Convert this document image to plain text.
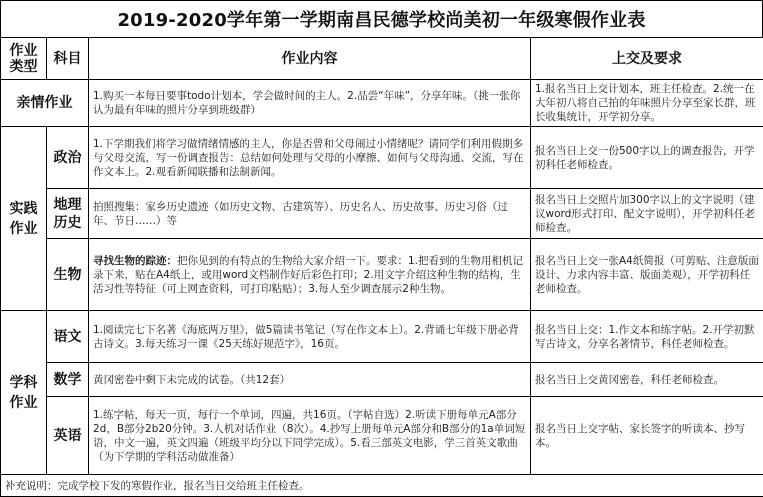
2019-2020学年第一学期南昌民德学校尚美初一年级寒假作业表
作业类型	科目	作业内容	上交及要求
亲情作业		1.购买一本每日要事todo计划本，学会做时间的主人。2.品尝“年味”，分享年味。（挑一张你认为最有年味的照片分享到班级群）	1.报名当日上交计划本，班主任检查。2.统一在大年初八将自己拍的年味照片分享至家长群，班长收集统计，开学初分享。
实践作业	政治	1.下学期我们将学习做情绪情感的主人，你是否曾和父母闹过小情绪呢？请同学们利用假期多与父母交流，写一份调查报告：总结如何处理与父母的小摩擦、如何与父母沟通、交流，写在作文本上。2.观看新闻联播和法制新闻。	报名当日上交一份500字以上的调查报告，开学初科任老师检查。
	地理历史	拍照搜集：家乡历史遗迹（如历史文物、古建筑等）、历史名人、历史故事、历史习俗（过年、节日……）等	报名当日上交照片加300字以上的文字说明（建议word形式打印、配文字说明），开学初科任老师检查。
	生物	寻找生物的踪迹：把你见到的有特点的生物给大家介绍一下。要求：1.把看到的生物用相机记录下来，贴在A4纸上，或用word文档制作好后彩色打印；2.用文字介绍这种生物的结构，生活习性等特征（可上网查资料，可打印粘贴）；3.每人至少调查展示2种生物。	报名当日上交一张A4纸简报（可剪贴、注意版面设计、力求内容丰富、版面美观），开学初科任老师检查。
学科作业	语文	1.阅读完七下名著《海底两万里》，做5篇读书笔记（写在作文本上）。2.背诵七年级下册必背古诗文。3.每天练习一课《25天练好规范字》，16页。	报名当日上交：1.作文本和练字帖。2.开学初默写古诗文，分享名著情节，科任老师检查。
	数学	黄冈密卷中剩下未完成的试卷。（共12套）	报名当日上交黄冈密卷，科任老师检查。
	英语	1.练字帖，每天一页，每行一个单词，四遍，共16页。（字帖自选）2.听读下册每单元A部分2d，B部分2b20分钟。3.人机对话作业（8次）。4.抄写上册每单元A部分和B部分的1a单词短语，中文一遍，英文四遍（班级平均分以下同学完成）。5.看三部英文电影，学三首英文歌曲（为下学期的学科活动做准备）	报名当日上交字帖、家长签字的听读本、抄写本。
补充说明：完成学校下发的寒假作业，报名当日交给班主任检查。			
